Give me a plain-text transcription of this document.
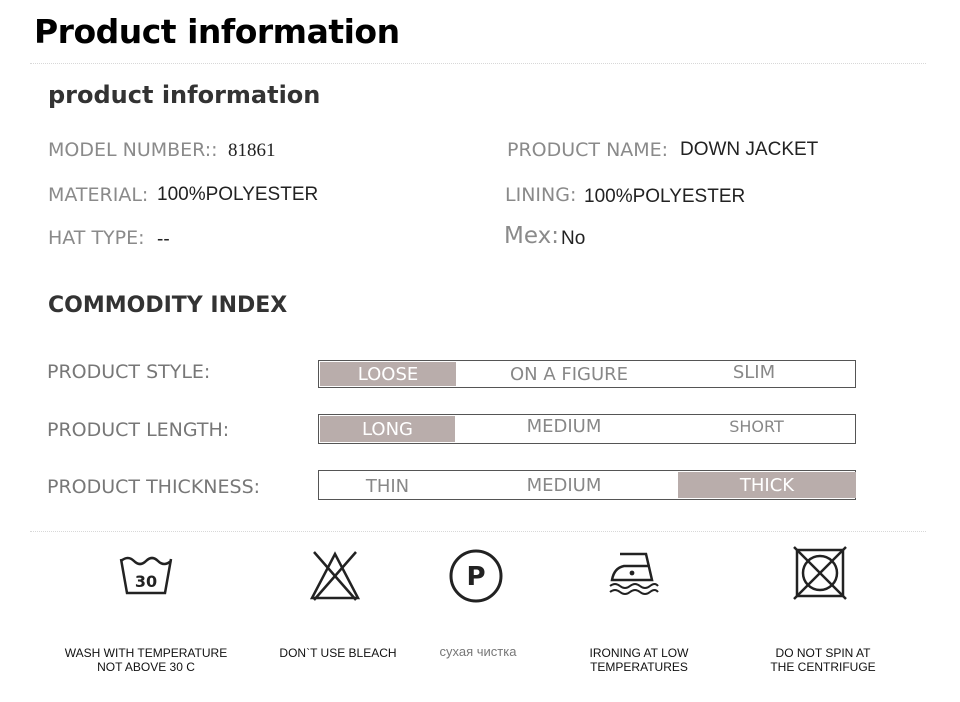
Product information
product information
MODEL NUMBER:: 81861	PRODUCT NAME: DOWN JACKET
MATERIAL: 100%POLYESTER	LINING: 100%POLYESTER
HAT TYPE: --	Mex: No
COMMODITY INDEX
PRODUCT STYLE:	LOOSE	ON A FIGURE	SLIM
PRODUCT LENGTH:	LONG	MEDIUM	SHORT
PRODUCT THICKNESS:	THIN	MEDIUM	THICK
30	P
WASH WITH TEMPERATURE
NOT ABOVE 30 C
DON`T USE BLEACH	сухая чистка	IRONING AT LOW
TEMPERATURES
DO NOT SPIN AT
THE CENTRIFUGE
